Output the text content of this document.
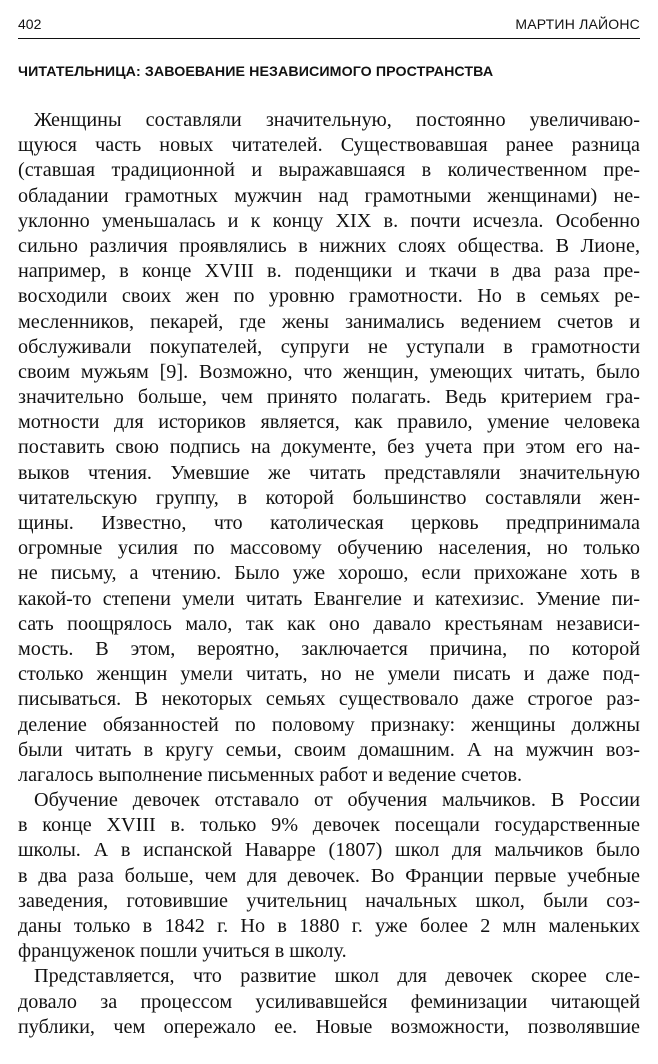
402	МАРТИН ЛАЙОНС
ЧИТАТЕЛЬНИЦА: ЗАВОЕВАНИЕ НЕЗАВИСИМОГО ПРОСТРАНСТВА
Женщины составляли значительную, постоянно увеличиваю-
щуюся часть новых читателей. Существовавшая ранее разница
(ставшая традиционной и выражавшаяся в количественном пре-
обладании грамотных мужчин над грамотными женщинами) не-
уклонно уменьшалась и к концу XIX в. почти исчезла. Особенно
сильно различия проявлялись в нижних слоях общества. В Лионе,
например, в конце XVIII в. поденщики и ткачи в два раза пре-
восходили своих жен по уровню грамотности. Но в семьях ре-
месленников, пекарей, где жены занимались ведением счетов и
обслуживали покупателей, супруги не уступали в грамотности
своим мужьям [9]. Возможно, что женщин, умеющих читать, было
значительно больше, чем принято полагать. Ведь критерием гра-
мотности для историков является, как правило, умение человека
поставить свою подпись на документе, без учета при этом его на-
выков чтения. Умевшие же читать представляли значительную
читательскую группу, в которой большинство составляли жен-
щины. Известно, что католическая церковь предпринимала
огромные усилия по массовому обучению населения, но только
не письму, а чтению. Было уже хорошо, если прихожане хоть в
какой-то степени умели читать Евангелие и катехизис. Умение пи-
сать поощрялось мало, так как оно давало крестьянам независи-
мость. В этом, вероятно, заключается причина, по которой
столько женщин умели читать, но не умели писать и даже под-
писываться. В некоторых семьях существовало даже строгое раз-
деление обязанностей по половому признаку: женщины должны
были читать в кругу семьи, своим домашним. А на мужчин воз-
лагалось выполнение письменных работ и ведение счетов.
Обучение девочек отставало от обучения мальчиков. В России
в конце XVIII в. только 9% девочек посещали государственные
школы. А в испанской Наварре (1807) школ для мальчиков было
в два раза больше, чем для девочек. Во Франции первые учебные
заведения, готовившие учительниц начальных школ, были соз-
даны только в 1842 г. Но в 1880 г. уже более 2 млн маленьких
француженок пошли учиться в школу.
Представляется, что развитие школ для девочек скорее сле-
довало за процессом усиливавшейся феминизации читающей
публики, чем опережало ее. Новые возможности, позволявшие
